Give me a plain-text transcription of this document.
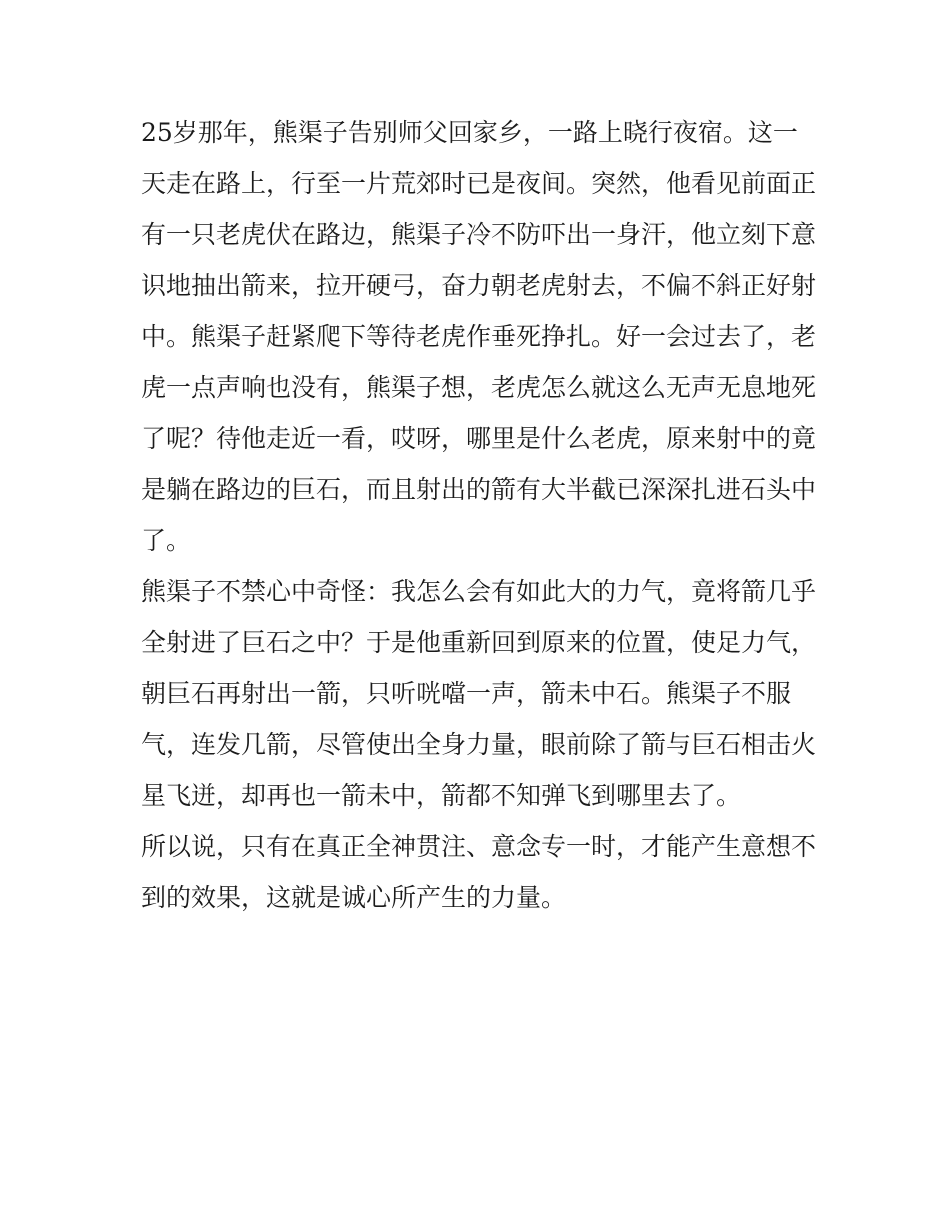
25岁那年，熊渠子告别师父回家乡，一路上晓行夜宿。这一
天走在路上，行至一片荒郊时已是夜间。突然，他看见前面正
有一只老虎伏在路边，熊渠子冷不防吓出一身汗，他立刻下意
识地抽出箭来，拉开硬弓，奋力朝老虎射去，不偏不斜正好射
中。熊渠子赶紧爬下等待老虎作垂死挣扎。好一会过去了，老
虎一点声响也没有，熊渠子想，老虎怎么就这么无声无息地死
了呢？待他走近一看，哎呀，哪里是什么老虎，原来射中的竟
是躺在路边的巨石，而且射出的箭有大半截已深深扎进石头中
了。
熊渠子不禁心中奇怪：我怎么会有如此大的力气，竟将箭几乎
全射进了巨石之中？于是他重新回到原来的位置，使足力气，
朝巨石再射出一箭，只听咣噹一声，箭未中石。熊渠子不服
气，连发几箭，尽管使出全身力量，眼前除了箭与巨石相击火
星飞迸，却再也一箭未中，箭都不知弹飞到哪里去了。
所以说，只有在真正全神贯注、意念专一时，才能产生意想不
到的效果，这就是诚心所产生的力量。
